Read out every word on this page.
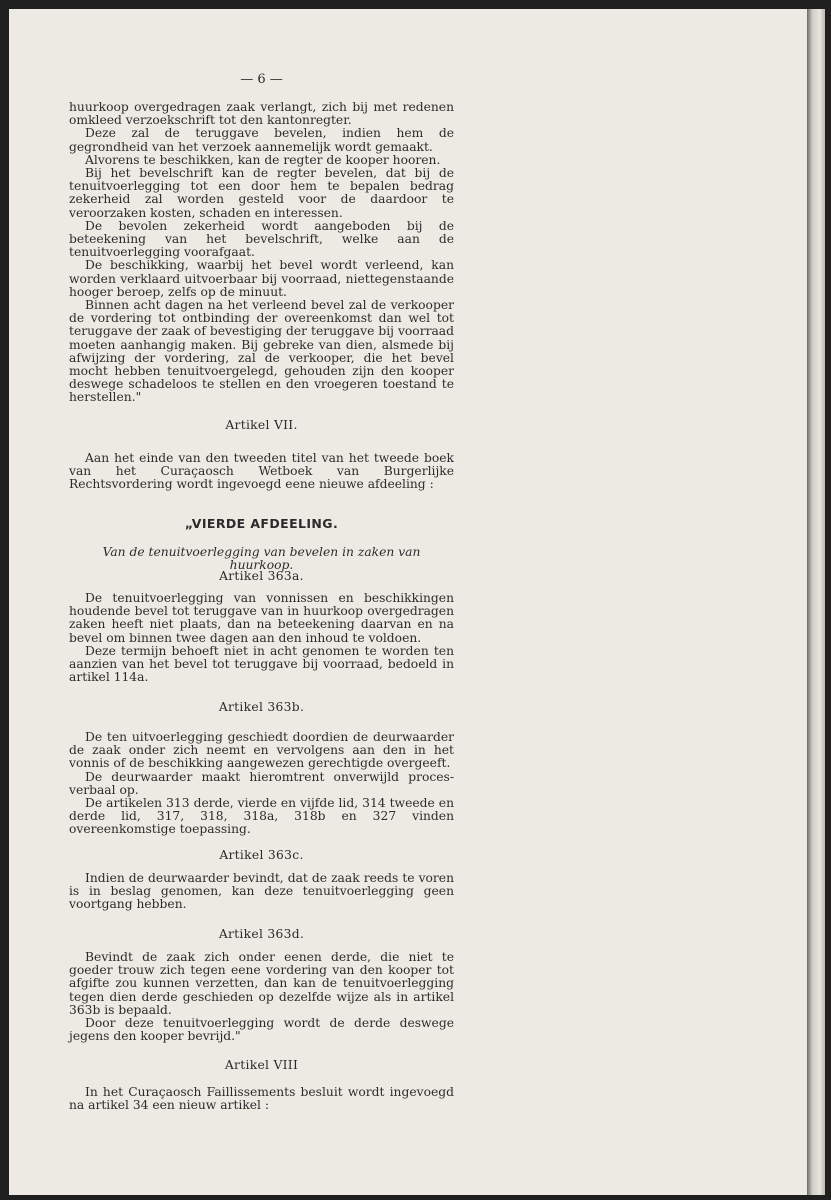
— 6 —

huurkoop overgedragen zaak verlangt, zich bij met redenen omkleed verzoekschrift tot den kantonregter.

Deze zal de teruggave bevelen, indien hem de gegrondheid van het verzoek aannemelijk wordt gemaakt.

Alvorens te beschikken, kan de regter de kooper hooren.

Bij het bevelschrift kan de regter bevelen, dat bij de tenuitvoerlegging tot een door hem te bepalen bedrag zekerheid zal worden gesteld voor de daardoor te veroorzaken kosten, schaden en interessen.

De bevolen zekerheid wordt aangeboden bij de beteekening van het bevelschrift, welke aan de tenuitvoerlegging voorafgaat.

De beschikking, waarbij het bevel wordt verleend, kan worden verklaard uitvoerbaar bij voorraad, niettegenstaande hooger beroep, zelfs op de minuut.

Binnen acht dagen na het verleend bevel zal de verkooper de vordering tot ontbinding der overeenkomst dan wel tot teruggave der zaak of bevestiging der teruggave bij voorraad moeten aanhangig maken. Bij gebreke van dien, alsmede bij afwijzing der vordering, zal de verkooper, die het bevel mocht hebben tenuitvoergelegd, gehouden zijn den kooper deswege schadeloos te stellen en den vroegeren toestand te herstellen."

Artikel VII.

Aan het einde van den tweeden titel van het tweede boek van het Curaçaosch Wetboek van Burgerlijke Rechtsvordering wordt ingevoegd eene nieuwe afdeeling :

„VIERDE AFDEELING.
Van de tenuitvoerlegging van bevelen in zaken van huurkoop.
Artikel 363a.

De tenuitvoerlegging van vonnissen en beschikkingen houdende bevel tot teruggave van in huurkoop overgedragen zaken heeft niet plaats, dan na beteekening daarvan en na bevel om binnen twee dagen aan den inhoud te voldoen.

Deze termijn behoeft niet in acht genomen te worden ten aanzien van het bevel tot teruggave bij voorraad, bedoeld in artikel 114a.

Artikel 363b.

De ten uitvoerlegging geschiedt doordien de deurwaarder de zaak onder zich neemt en vervolgens aan den in het vonnis of de beschikking aangewezen gerechtigde overgeeft.

De deurwaarder maakt hieromtrent onverwijld proces-verbaal op.

De artikelen 313 derde, vierde en vijfde lid, 314 tweede en derde lid, 317, 318, 318a, 318b en 327 vinden overeenkomstige toepassing.

Artikel 363c.

Indien de deurwaarder bevindt, dat de zaak reeds te voren is in beslag genomen, kan deze tenuitvoerlegging geen voortgang hebben.

Artikel 363d.

Bevindt de zaak zich onder eenen derde, die niet te goeder trouw zich tegen eene vordering van den kooper tot afgifte zou kunnen verzetten, dan kan de tenuitvoerlegging tegen dien derde geschieden op dezelfde wijze als in artikel 363b is bepaald.

Door deze tenuitvoerlegging wordt de derde deswege jegens den kooper bevrijd."

Artikel VIII

In het Curaçaosch Faillissements besluit wordt ingevoegd na artikel 34 een nieuw artikel :
